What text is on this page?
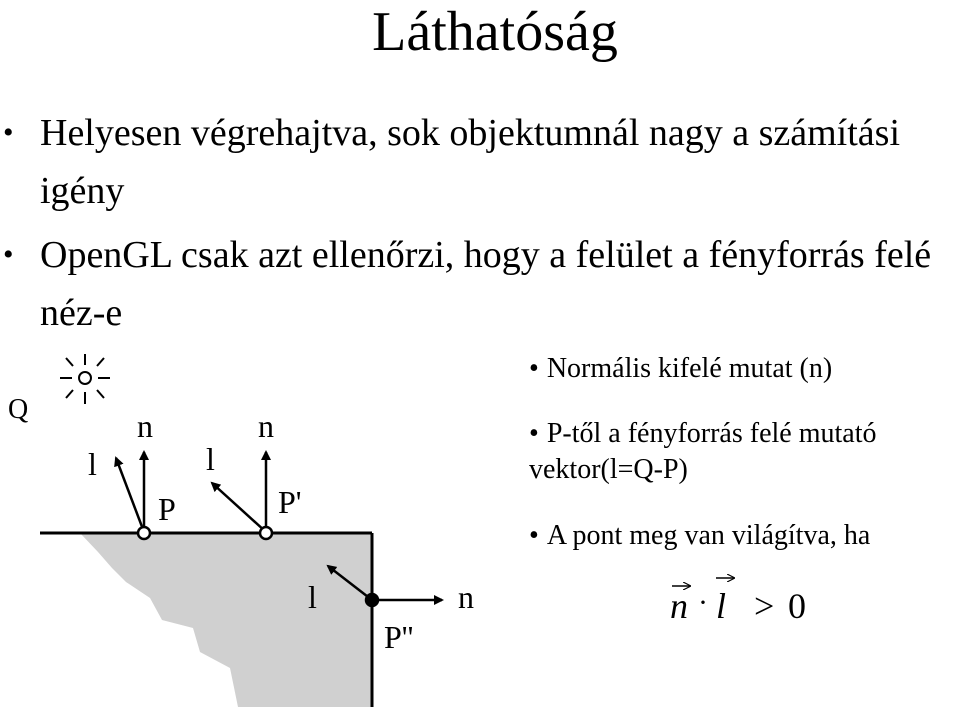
Láthatóság
• Helyesen végrehajtva, sok objektumnál nagy a számítási igény
• OpenGL csak azt ellenőrzi, hogy a felület a fényforrás felé néz-e
Q	n
l
P
n
l
P'
n
l
P''
• Normális kifelé mutat (n)
• P-től a fényforrás felé mutató
vektor(l=Q-P)
• A pont meg van világítva, ha
n · l > 0
